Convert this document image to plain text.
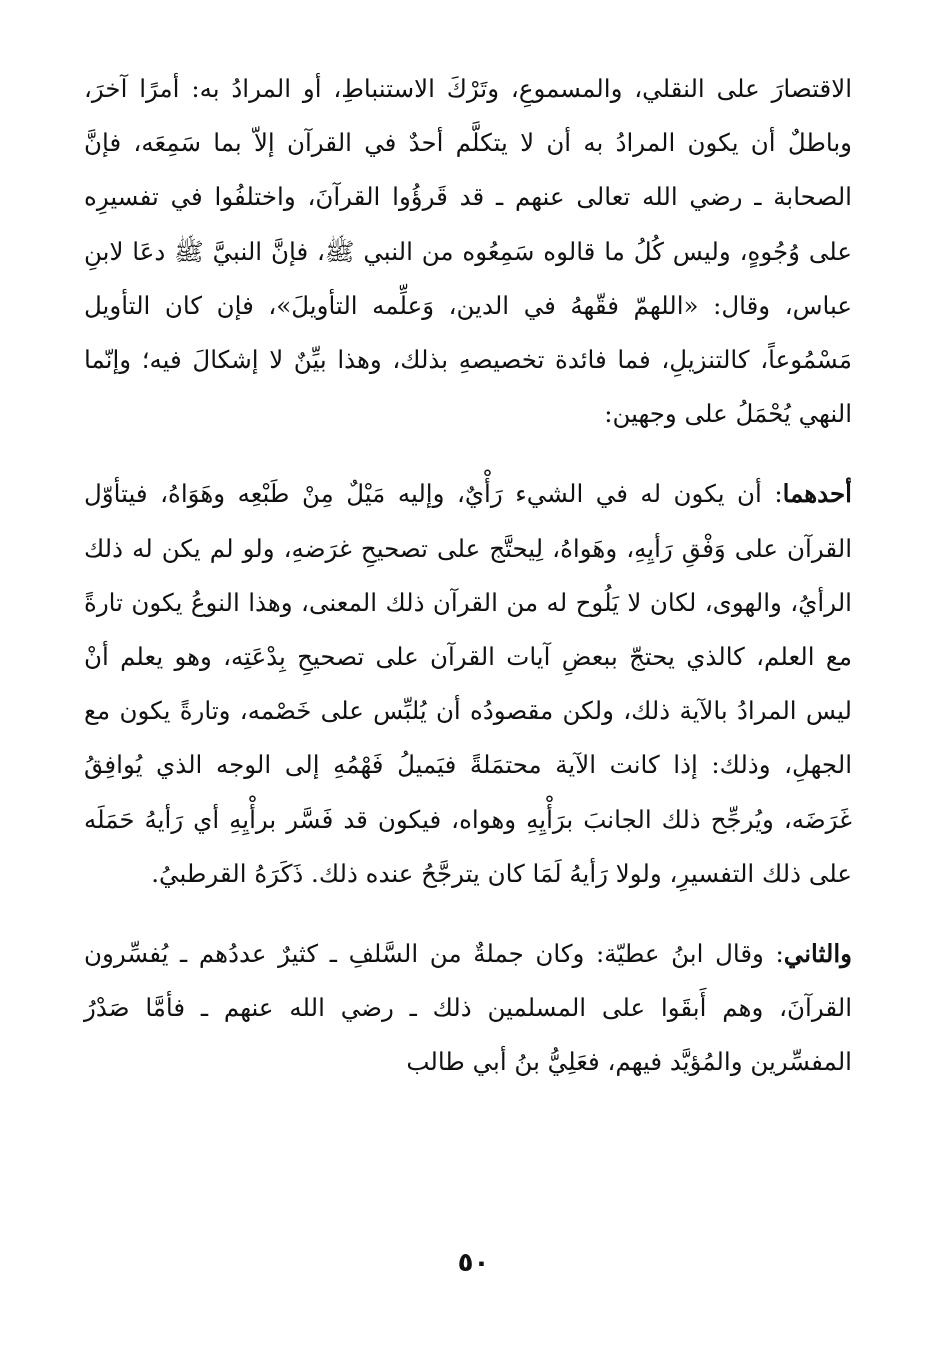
الاقتصارَ على النقلي، والمسموعِ، وتَرْكَ الاستنباطِ، أو المرادُ به: أمرًا آخرَ، وباطلٌ أن يكون المرادُ به أن لا يتكلَّم أحدٌ في القرآن إلاّ بما سَمِعَه، فإنَّ الصحابة ـ رضي الله تعالى عنهم ـ قد قَرؤُوا القرآنَ، واختلفُوا في تفسيرِه على وُجُوهٍ، وليس كُلُ ما قالوه سَمِعُوه من النبي ﷺ، فإنَّ النبيَّ ﷺ دعَا لابنِ عباس، وقال: «اللهمّ فقّههُ في الدين، وَعلِّمه التأويلَ»، فإن كان التأويل مَسْمُوعاً، كالتنزيلِ، فما فائدة تخصيصهِ بذلك، وهذا بيِّنٌ لا إشكالَ فيه؛ وإنّما النهي يُحْمَلُ على وجهين:

أحدهما: أن يكون له في الشيء رَأْيٌ، وإليه مَيْلٌ مِنْ طَبْعِه وهَوَاهُ، فيتأوّل القرآن على وَفْقِ رَأيِهِ، وهَواهُ، لِيحتَّج على تصحيحِ غرَضهِ، ولو لم يكن له ذلك الرأيُ، والهوى، لكان لا يَلُوح له من القرآن ذلك المعنى، وهذا النوعُ يكون تارةً مع العلم، كالذي يحتجّ ببعضِ آيات القرآن على تصحيحِ بِدْعَتِه، وهو يعلم أنْ ليس المرادُ بالآية ذلك، ولكن مقصودُه أن يُلبِّس على خَصْمه، وتارةً يكون مع الجهلِ، وذلك: إذا كانت الآية محتمَلةً فيَميلُ فَهْمُهِ إلى الوجه الذي يُوافِقُ غَرَضَه، ويُرجِّح ذلك الجانبَ برَأْيِهِ وهواه، فيكون قد فَسَّر برأْيِهِ أي رَأيهُ حَمَلَه على ذلك التفسيرِ، ولولا رَأيهُ لَمَا كان يترجَّحُ عنده ذلك. ذَكَرَهُ القرطبيُ.

والثاني: وقال ابنُ عطيّة: وكان جملةٌ من السَّلفِ ـ كثيرٌ عددُهم ـ يُفسِّرون القرآنَ، وهم أَبقَوا على المسلمين ذلك ـ رضي الله عنهم ـ فأمَّا صَدْرُ المفسِّرين والمُؤيَّد فيهم، فعَلِيُّ بنُ أبي طالب

٥٠
